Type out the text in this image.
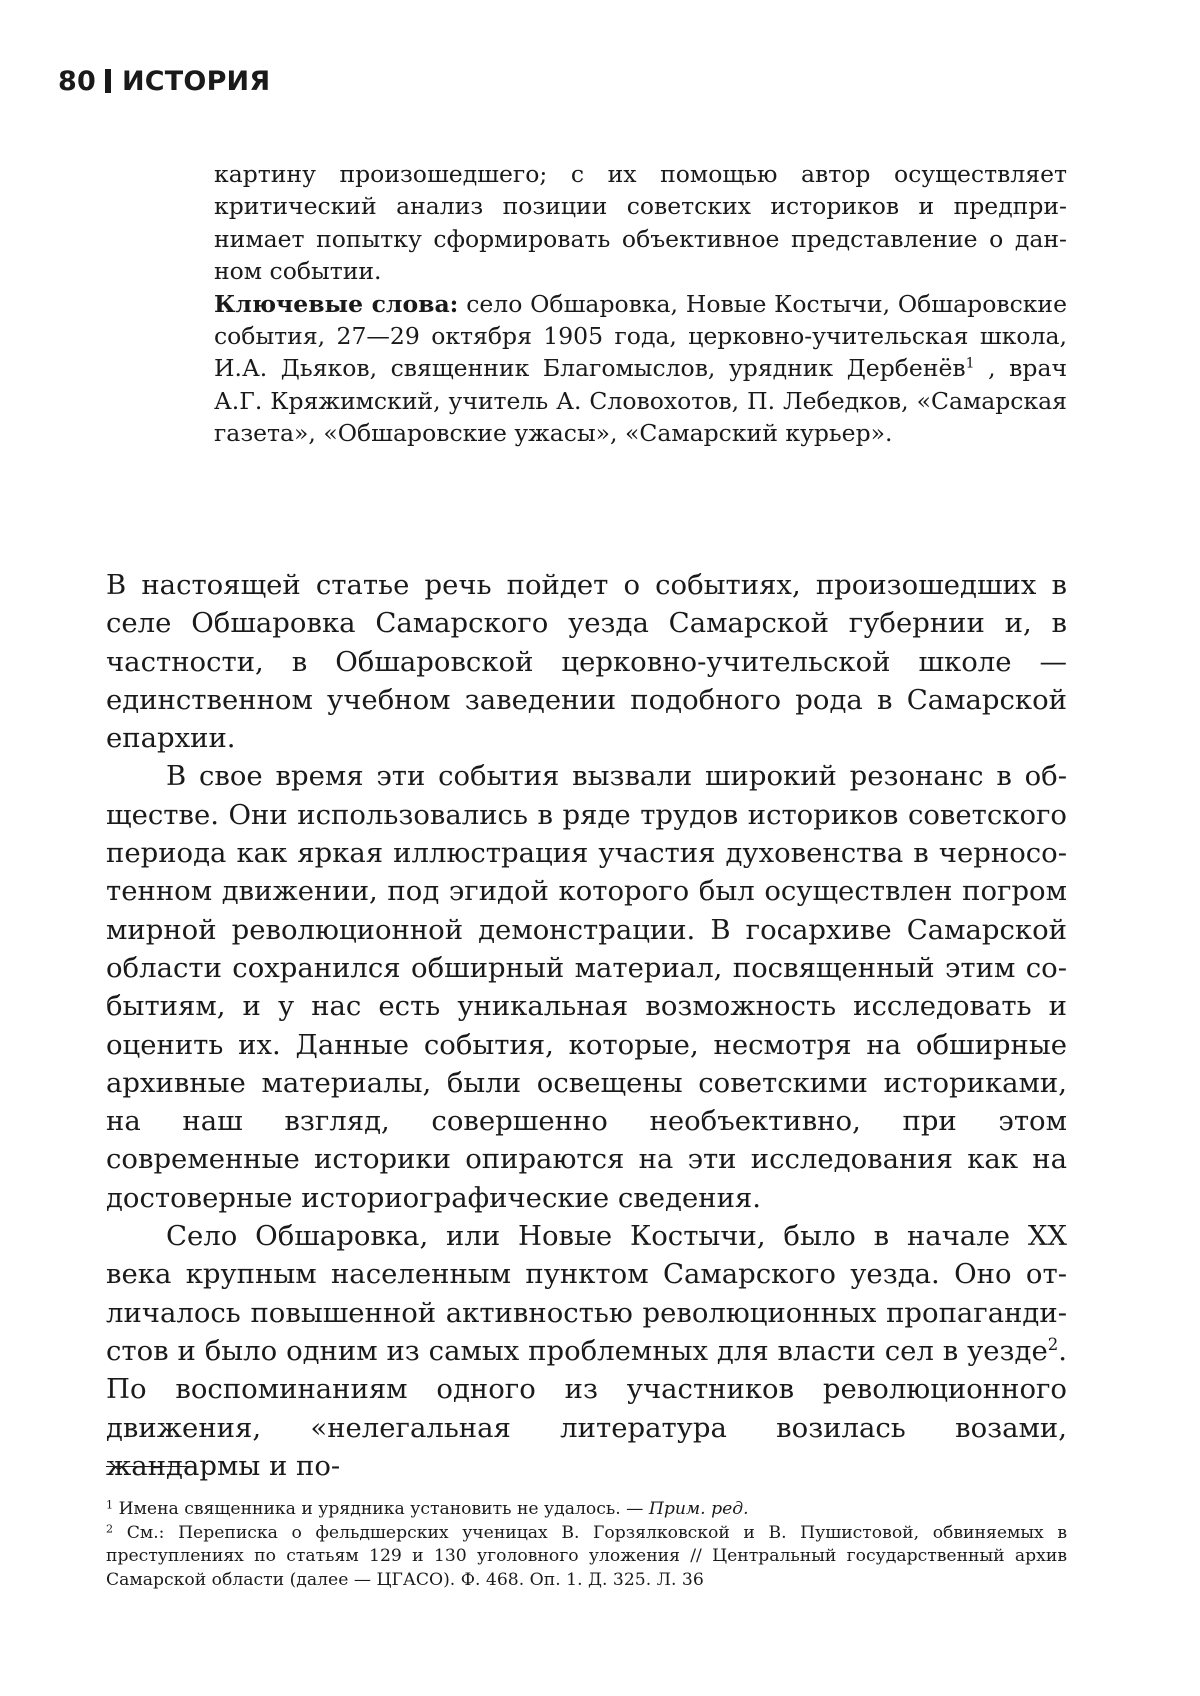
80 ИСТОРИЯ

картину произошедшего; с их помощью автор осуществляет критический анализ позиции советских историков и предпринимает попытку сформировать объективное представление о данном событии.

Ключевые слова: село Обшаровка, Новые Костычи, Обшаровские события, 27—29 октября 1905 года, церковно-учительская школа, И.А. Дьяков, священник Благомыслов, урядник Дербенёв$^1$ , врач А.Г. Кряжимский, учитель А. Словохотов, П. Лебедков, «Самарская газета», «Обшаровские ужасы», «Самарский курьер».

В настоящей статье речь пойдет о событиях, произошедших в селе Обшаровка Самарского уезда Самарской губернии и, в частности, в Обшаровской церковно-учительской школе — единственном учебном заведении подобного рода в Самарской епархии.

В свое время эти события вызвали широкий резонанс в обществе. Они использовались в ряде трудов историков советского периода как яркая иллюстрация участия духовенства в черносотенном движении, под эгидой которого был осуществлен погром мирной революционной демонстрации. В госархиве Самарской области сохранился обширный материал, посвященный этим событиям, и у нас есть уникальная возможность исследовать и оценить их. Данные события, которые, несмотря на обширные архивные материалы, были освещены советскими историками, на наш взгляд, совершенно необъективно, при этом современные историки опираются на эти исследования как на достоверные историографические сведения.

Село Обшаровка, или Новые Костычи, было в начале XX века крупным населенным пунктом Самарского уезда. Оно отличалось повышенной активностью революционных пропагандистов и было одним из самых проблемных для власти сел в уезде$^2$. По воспоминаниям одного из участников революционного движения, «нелегальная литература возилась возами, жандармы и по-

$^1$ Имена священника и урядника установить не удалось. — Прим. ред.

$^2$ См.: Переписка о фельдшерских ученицах В. Горзялковской и В. Пушистовой, обвиняемых в преступлениях по статьям 129 и 130 уголовного уложения // Центральный государственный архив Самарской области (далее — ЦГАСО). Ф. 468. Оп. 1. Д. 325. Л. 36
